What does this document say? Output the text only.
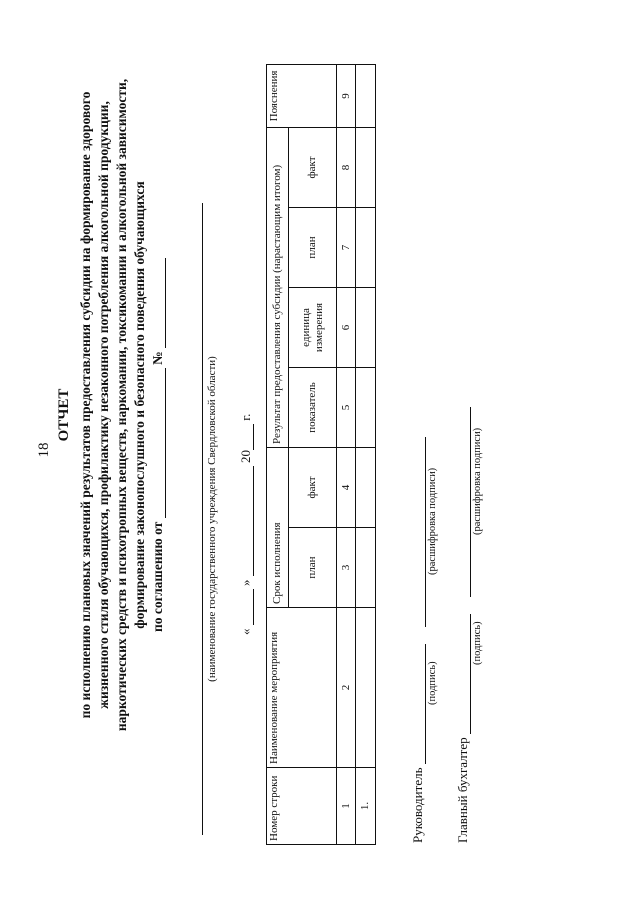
18
ОТЧЕТ по исполнению плановых значений результатов предоставления субсидии на формирование здорового жизненного стиля обучающихся, профилактику незаконного потребления алкогольной продукции, наркотических средств и психотропных веществ, наркомании, токсикомании и алкогольной зависимости, формирование законопослушного и безопасного поведения обучающихся по соглашению от  №	(наименование государственного учреждения Свердловской области) «  »  20 г.
Номер строки	Наименование мероприятия	Срок исполнения		Результат предоставления субсидии (нарастающим итогом)				Пояснения
		план	факт	показатель	единица измерения	план	факт	
1	2	3	4	5	6	7	8	9
1.									Руководитель
(подпись)
(расшифровка подписи)
Главный бухгалтер
(подпись)
(расшифровка подписи)
